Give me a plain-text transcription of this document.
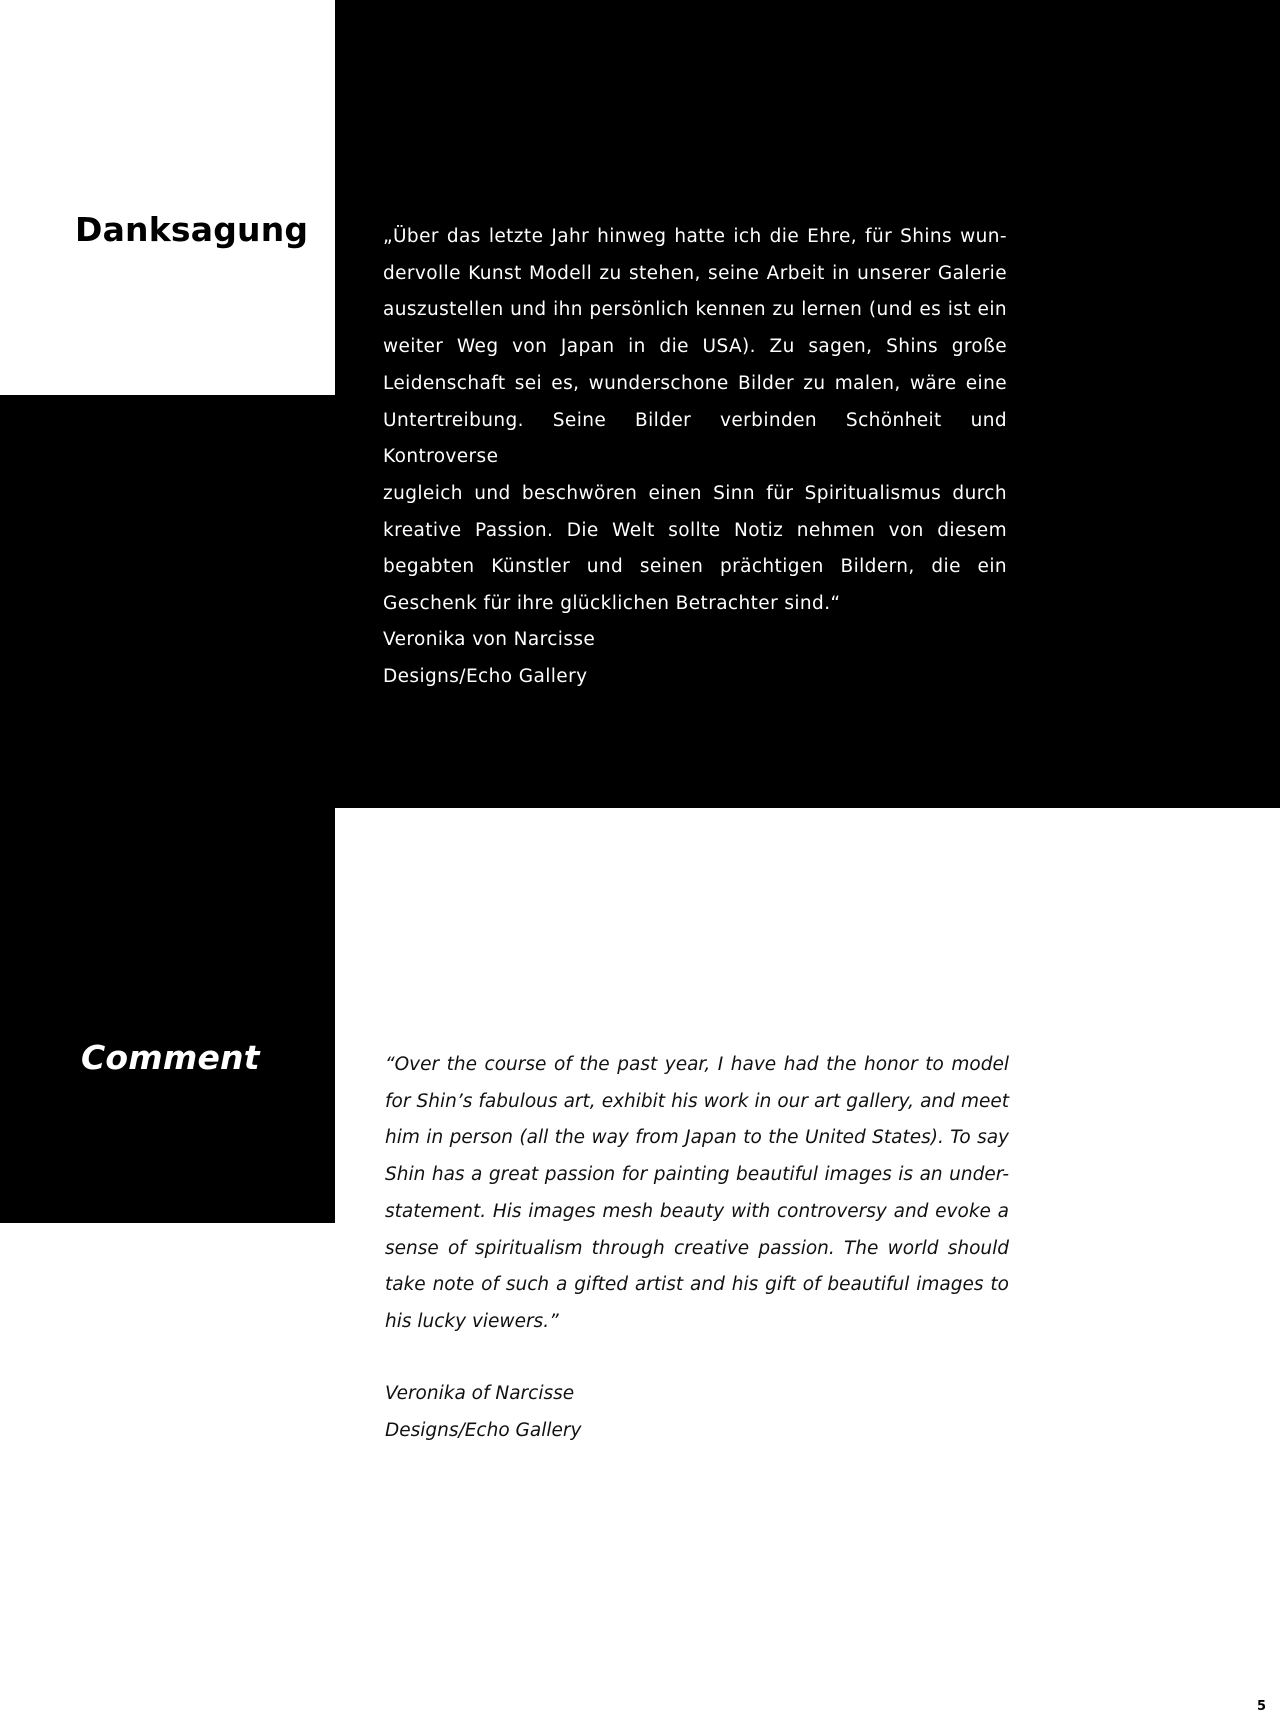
Danksagung	„Über das letzte Jahr hinweg hatte ich die Ehre, für Shins wun-
dervolle Kunst Modell zu stehen, seine Arbeit in unserer Galerie
auszustellen und ihn persönlich kennen zu lernen (und es ist ein
weiter Weg von Japan in die USA). Zu sagen, Shins große
Leidenschaft sei es, wunderschone Bilder zu malen, wäre eine
Untertreibung. Seine Bilder verbinden Schönheit und Kontroverse
zugleich und beschwören einen Sinn für Spiritualismus durch
kreative Passion. Die Welt sollte Notiz nehmen von diesem
begabten Künstler und seinen prächtigen Bildern, die ein
Geschenk für ihre glücklichen Betrachter sind.“

Veronika von Narcisse
Designs/Echo Gallery

Comment	“Over the course of the past year, I have had the honor to model
for Shin’s fabulous art, exhibit his work in our art gallery, and meet
him in person (all the way from Japan to the United States). To say
Shin has a great passion for painting beautiful images is an under-
statement. His images mesh beauty with controversy and evoke a
sense of spiritualism through creative passion. The world should
take note of such a gifted artist and his gift of beautiful images to
his lucky viewers.”

Veronika of Narcisse
Designs/Echo Gallery

5
